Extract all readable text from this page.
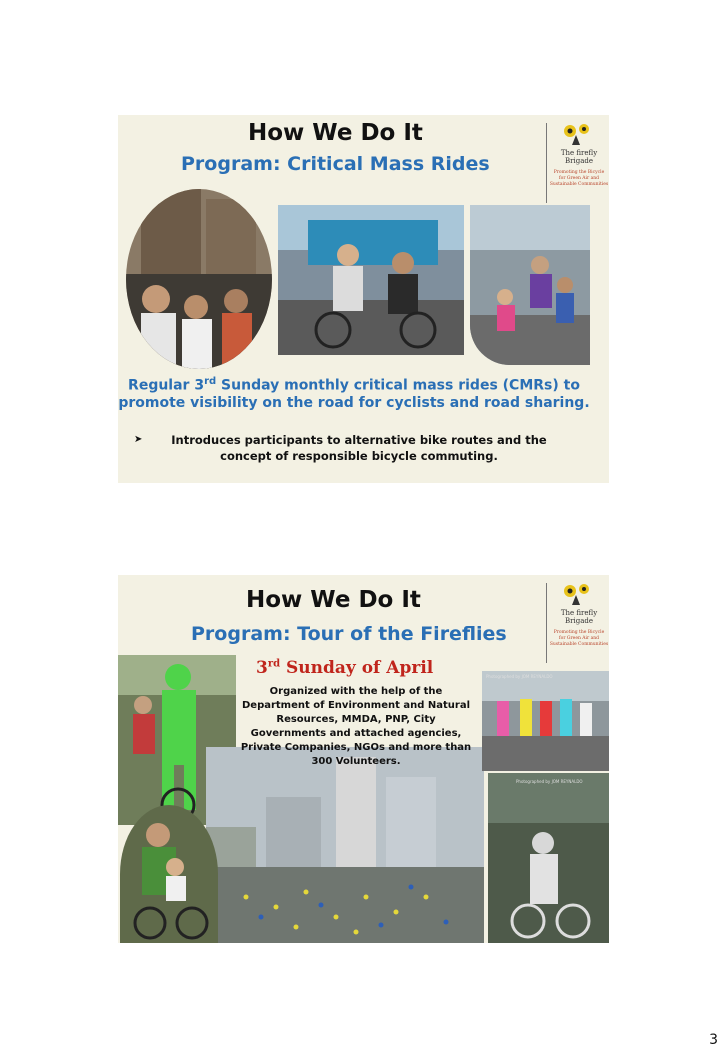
How We Do It
Program: Critical Mass Rides	The firefly
Brigade
Promoting the Bicycle
for Green Air and
Sustainable Communities
Regular 3rd Sunday monthly critical mass rides (CMRs) to promote visibility on the road for cyclists and road sharing.
➤	Introduces participants to alternative bike routes and the concept of responsible bicycle commuting.
How We Do It
Program: Tour of the Fireflies
The firefly
Brigade
Promoting the Bicycle
for Green Air and
Sustainable Communities
Photographed by JOM REYNALDO
Photographed by JOM REYNALDO
3rd Sunday of April
Organized with the help of the Department of Environment and Natural Resources, MMDA, PNP, City Governments and attached agencies, Private Companies, NGOs and more than 300 Volunteers.
3
